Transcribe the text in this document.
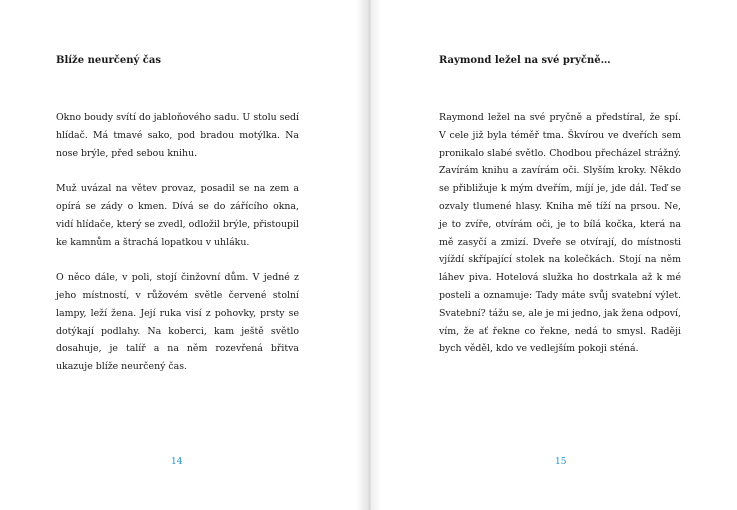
Blíže neurčený čas

Okno boudy svítí do jabloňového sadu. U stolu sedí hlídač. Má tmavé sako, pod bradou motýlka. Na nose brýle, před sebou knihu.

Muž uvázal na větev provaz, posadil se na zem a opírá se zády o kmen. Dívá se do zářícího okna, vidí hlídače, který se zvedl, odložil brýle, přistoupil ke kamnům a štrachá lopatkou v uhláku.

O něco dále, v poli, stojí činžovní dům. V jedné z jeho místností, v růžovém světle červené stolní lampy, leží žena. Její ruka visí z pohovky, prsty se dotýkají podlahy. Na koberci, kam ještě světlo dosahuje, je talíř a na něm rozevřená břitva ukazuje blíže neurčený čas.

14
Raymond ležel na své pryčně…

Raymond ležel na své pryčně a předstíral, že spí. V cele již byla téměř tma. Škvírou ve dveřích sem pronikalo slabé světlo. Chodbou přecházel strážný. Zavírám knihu a zavírám oči. Slyším kroky. Někdo se přibližuje k mým dveřím, míjí je, jde dál. Teď se ozvaly tlumené hlasy. Kniha mě tíží na prsou. Ne, je to zvíře, otvírám oči, je to bílá kočka, která na mě zasyčí a zmizí. Dveře se otvírají, do místnosti vjíždí skřípající stolek na kolečkách. Stojí na něm láhev piva. Hotelová služka ho dostrkala až k mé posteli a oznamuje: Tady máte svůj svatební výlet. Svatební? tážu se, ale je mi jedno, jak žena odpoví, vím, že ať řekne co řekne, nedá to smysl. Raději bych věděl, kdo ve vedlejším pokoji sténá.

15
